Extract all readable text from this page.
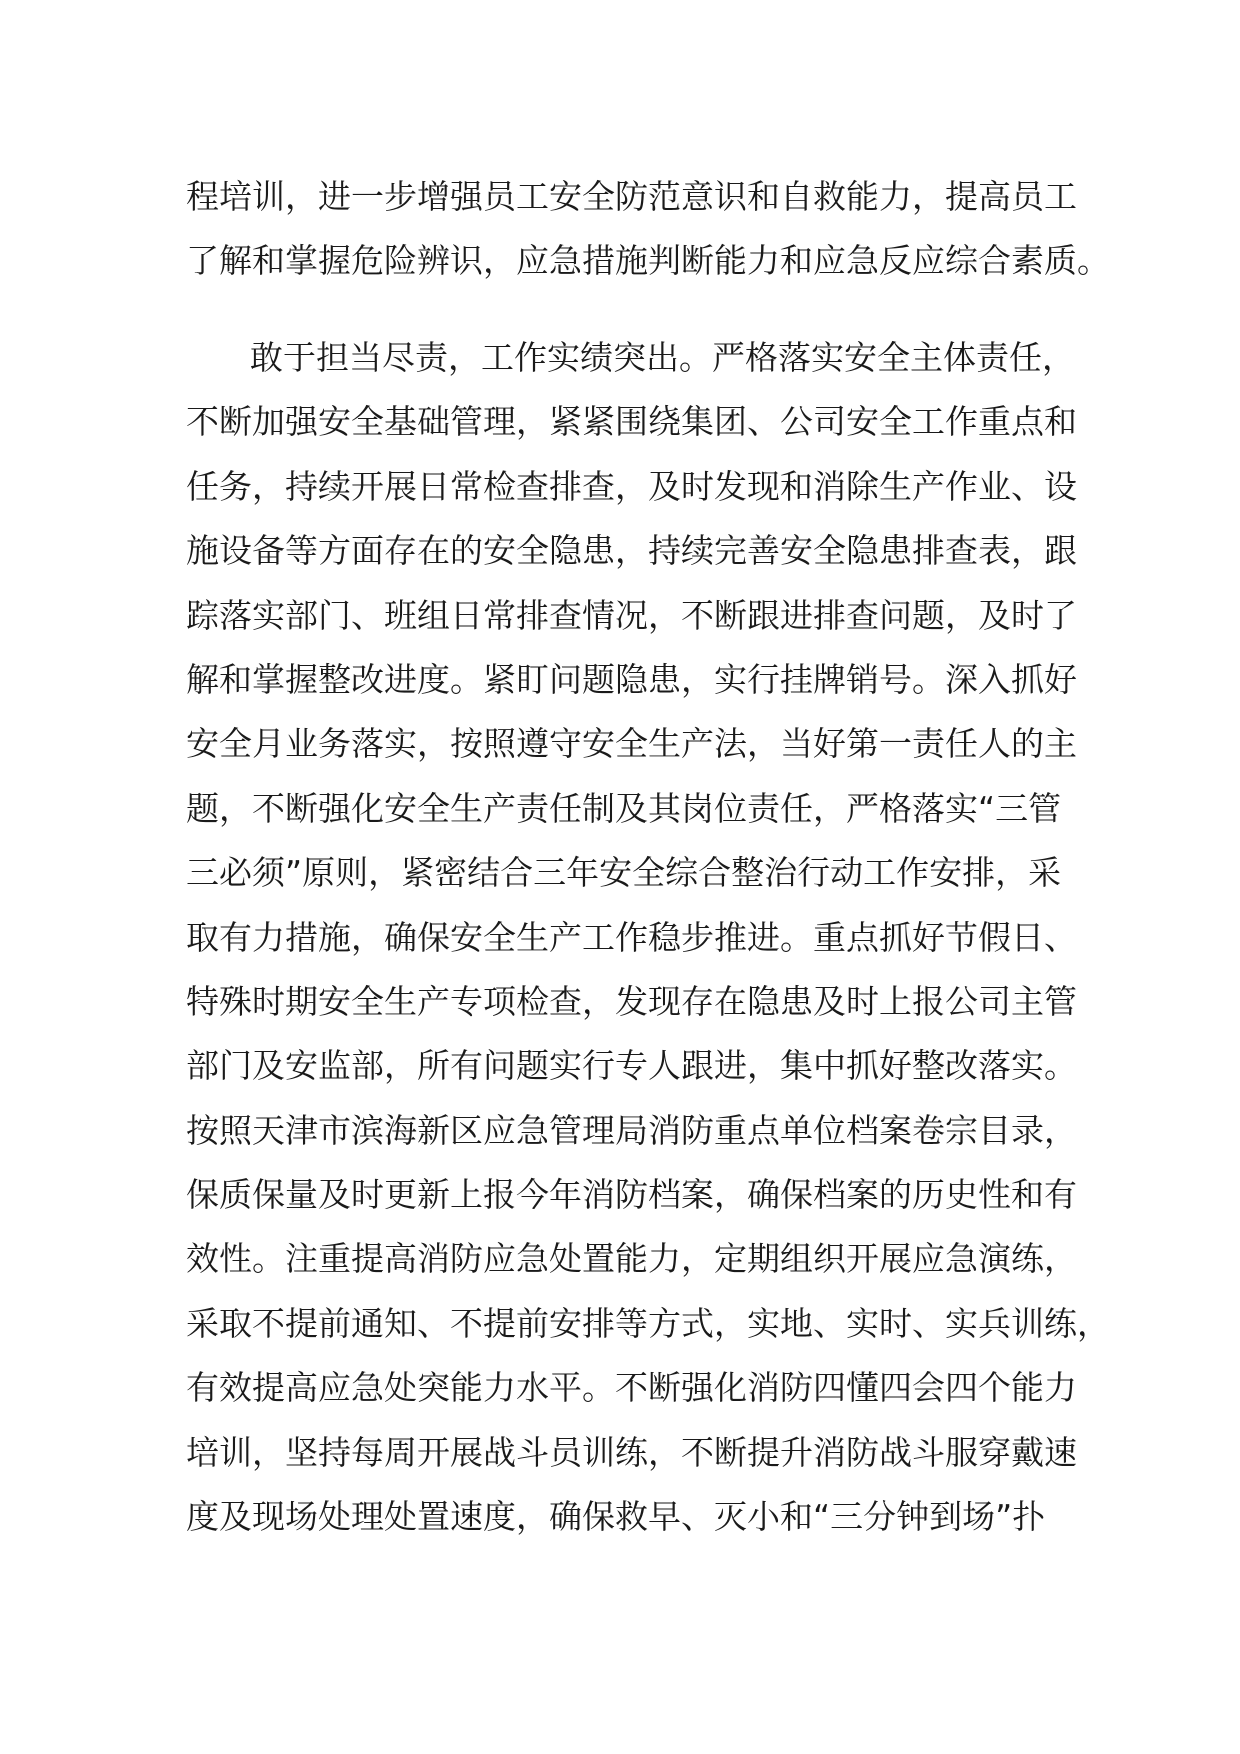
程培训，进一步增强员工安全防范意识和自救能力，提高员工
了解和掌握危险辨识，应急措施判断能力和应急反应综合素质。
敢于担当尽责，工作实绩突出。严格落实安全主体责任，
不断加强安全基础管理，紧紧围绕集团、公司安全工作重点和
任务，持续开展日常检查排查，及时发现和消除生产作业、设
施设备等方面存在的安全隐患，持续完善安全隐患排查表，跟
踪落实部门、班组日常排查情况，不断跟进排查问题，及时了
解和掌握整改进度。紧盯问题隐患，实行挂牌销号。深入抓好
安全月业务落实，按照遵守安全生产法，当好第一责任人的主
题，不断强化安全生产责任制及其岗位责任，严格落实“三管
三必须”原则，紧密结合三年安全综合整治行动工作安排，采
取有力措施，确保安全生产工作稳步推进。重点抓好节假日、
特殊时期安全生产专项检查，发现存在隐患及时上报公司主管
部门及安监部，所有问题实行专人跟进，集中抓好整改落实。
按照天津市滨海新区应急管理局消防重点单位档案卷宗目录，
保质保量及时更新上报今年消防档案，确保档案的历史性和有
效性。注重提高消防应急处置能力，定期组织开展应急演练，
采取不提前通知、不提前安排等方式，实地、实时、实兵训练，
有效提高应急处突能力水平。不断强化消防四懂四会四个能力
培训，坚持每周开展战斗员训练，不断提升消防战斗服穿戴速
度及现场处理处置速度，确保救早、灭小和“三分钟到场”扑
